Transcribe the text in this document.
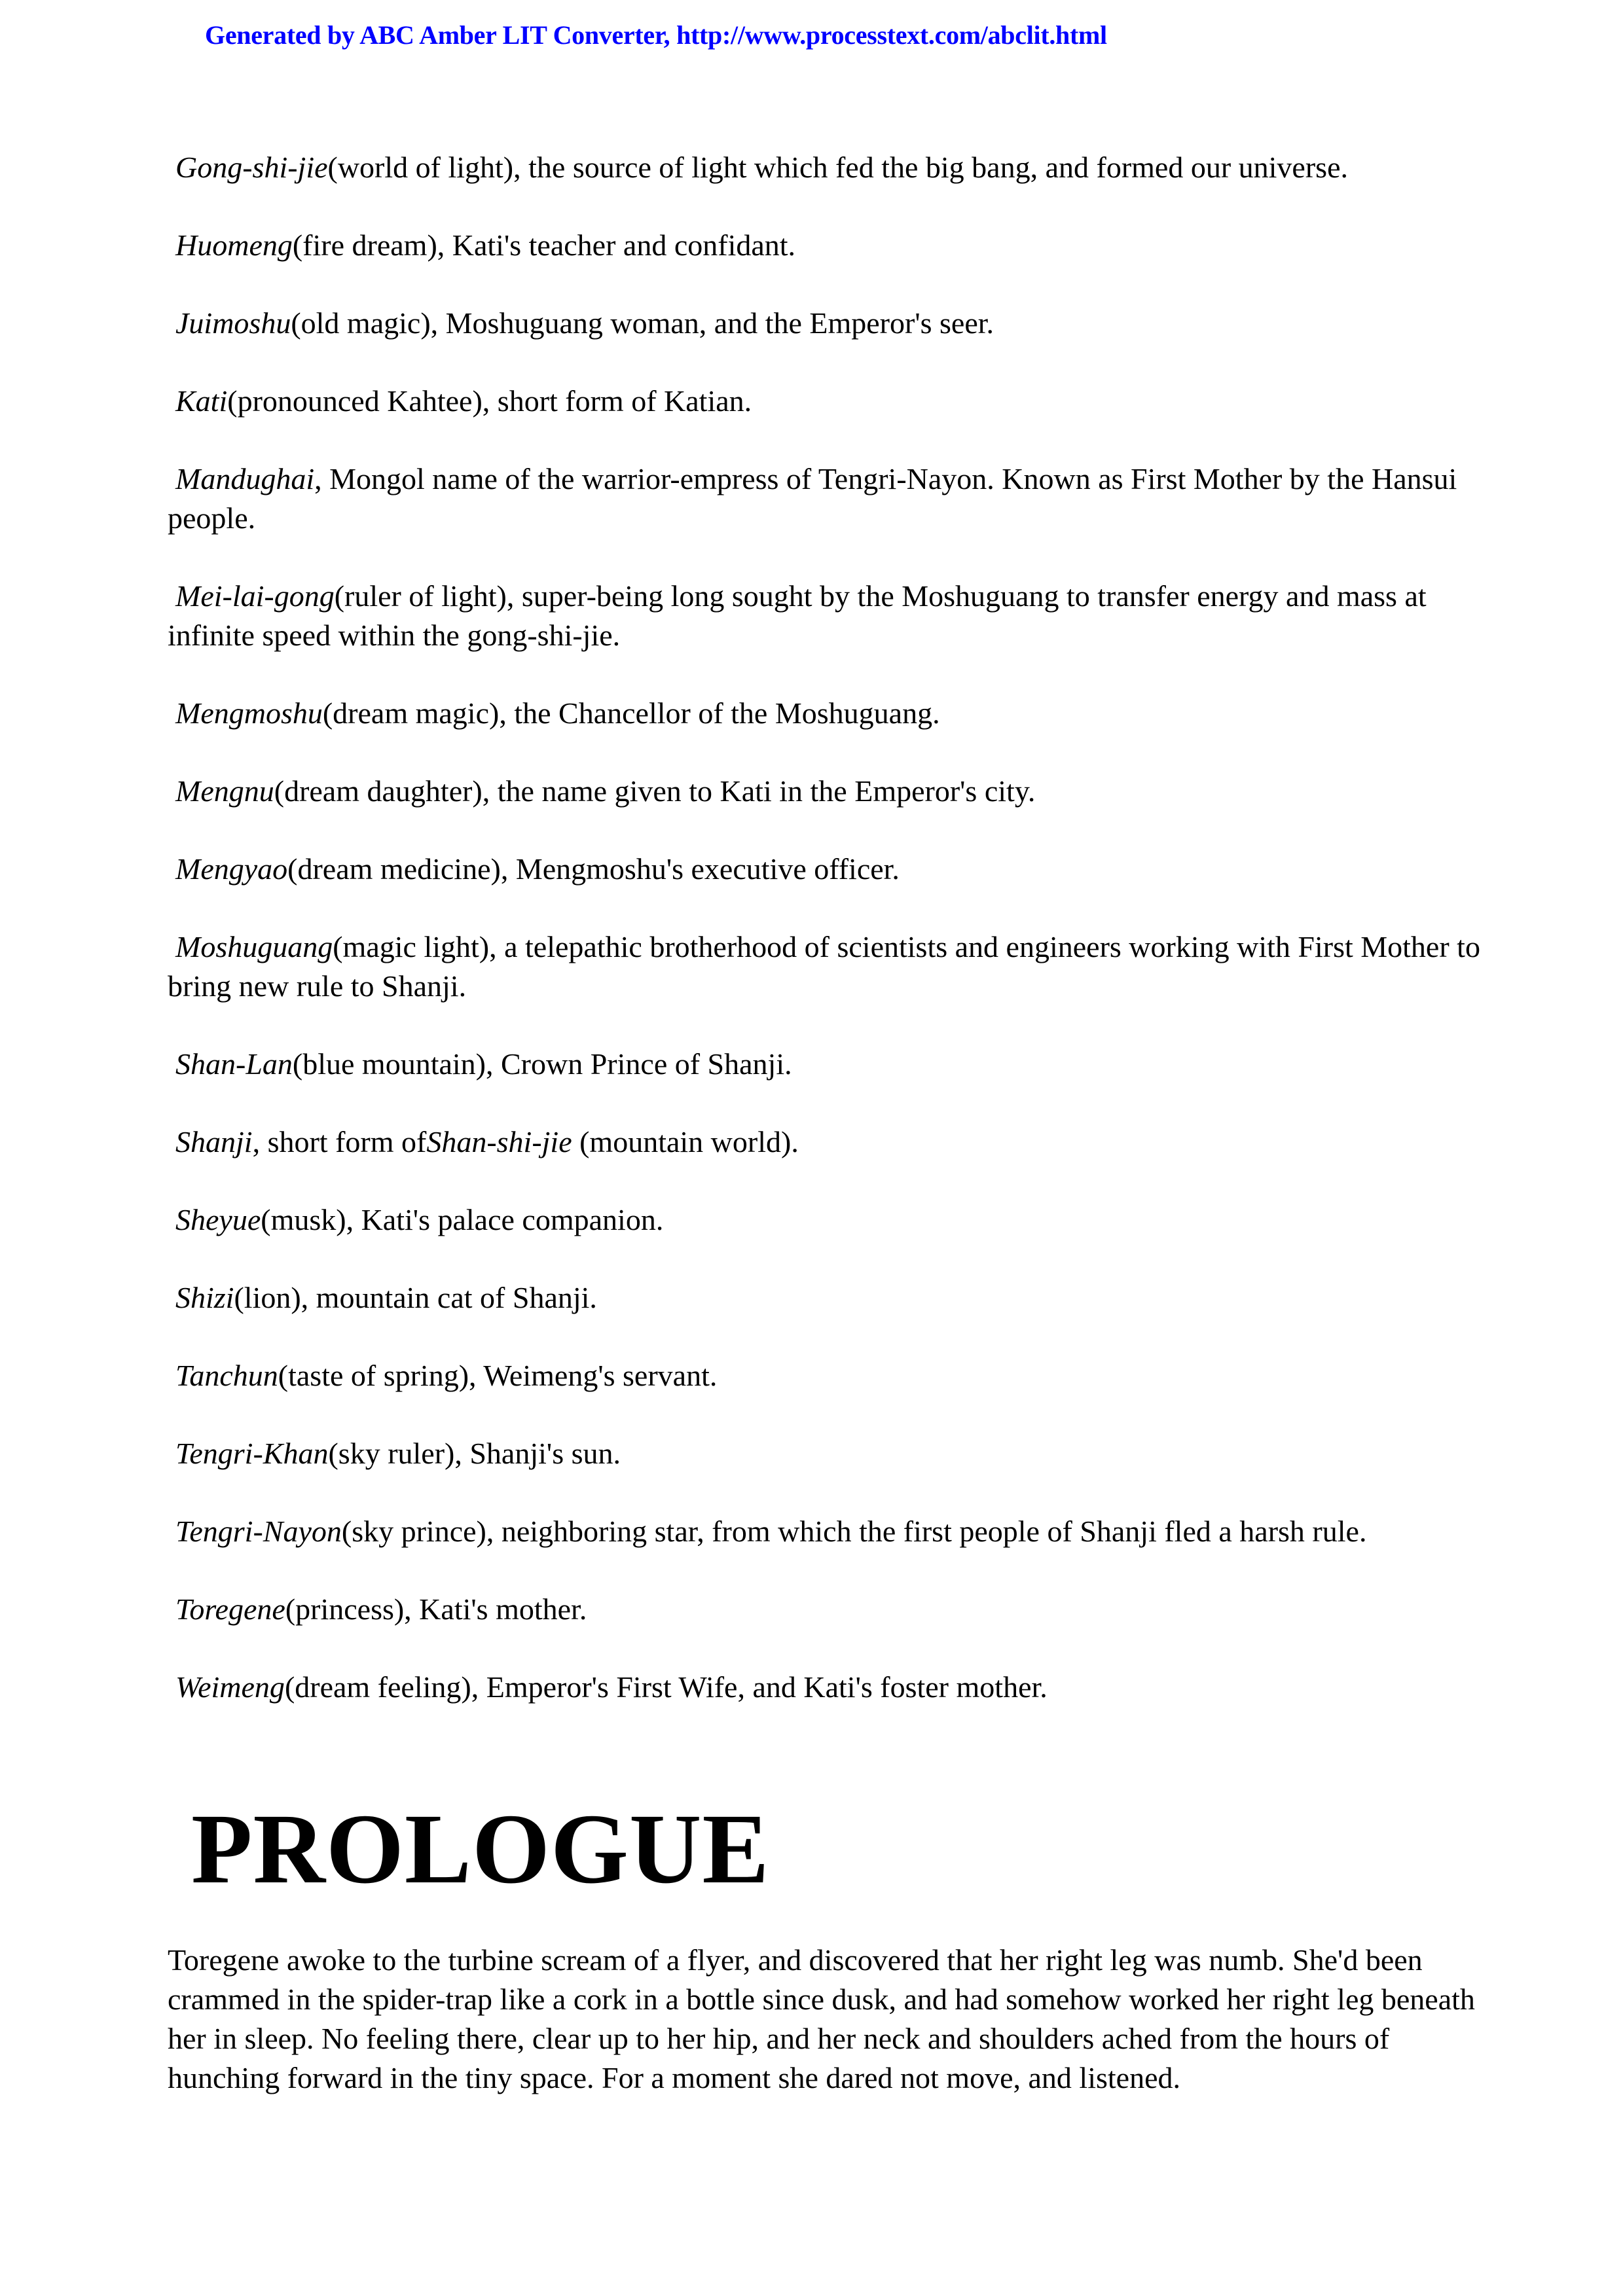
Generated by ABC Amber LIT Converter, http://www.processtext.com/abclit.html

Gong-shi-jie(world of light), the source of light which fed the big bang, and formed our universe.

Huomeng(fire dream), Kati's teacher and confidant.

Juimoshu(old magic), Moshuguang woman, and the Emperor's seer.

Kati(pronounced Kahtee), short form of Katian.

Mandughai, Mongol name of the warrior-empress of Tengri-Nayon. Known as First Mother by the Hansui people.

Mei-lai-gong(ruler of light), super-being long sought by the Moshuguang to transfer energy and mass at infinite speed within the gong-shi-jie.

Mengmoshu(dream magic), the Chancellor of the Moshuguang.

Mengnu(dream daughter), the name given to Kati in the Emperor's city.

Mengyao(dream medicine), Mengmoshu's executive officer.

Moshuguang(magic light), a telepathic brotherhood of scientists and engineers working with First Mother to bring new rule to Shanji.

Shan-Lan(blue mountain), Crown Prince of Shanji.

Shanji, short form ofShan-shi-jie (mountain world).

Sheyue(musk), Kati's palace companion.

Shizi(lion), mountain cat of Shanji.

Tanchun(taste of spring), Weimeng's servant.

Tengri-Khan(sky ruler), Shanji's sun.

Tengri-Nayon(sky prince), neighboring star, from which the first people of Shanji fled a harsh rule.

Toregene(princess), Kati's mother.

Weimeng(dream feeling), Emperor's First Wife, and Kati's foster mother.

PROLOGUE

Toregene awoke to the turbine scream of a flyer, and discovered that her right leg was numb. She'd been crammed in the spider-trap like a cork in a bottle since dusk, and had somehow worked her right leg beneath her in sleep. No feeling there, clear up to her hip, and her neck and shoulders ached from the hours of hunching forward in the tiny space. For a moment she dared not move, and listened.
